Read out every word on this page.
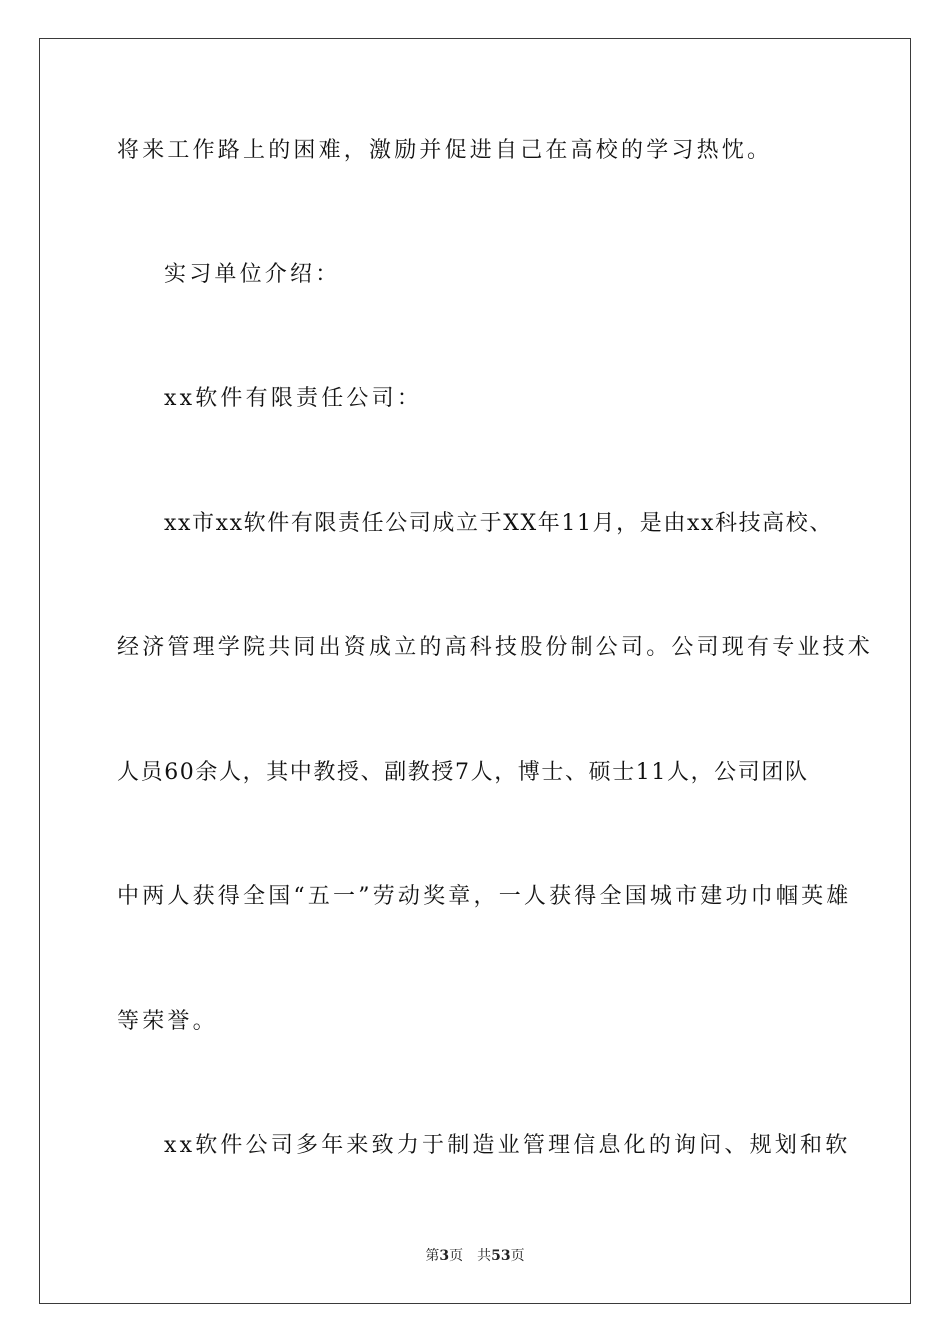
将来工作路上的困难，激励并促进自己在高校的学习热忱。
实习单位介绍：
xx软件有限责任公司：
xx市xx软件有限责任公司成立于XX年11月，是由xx科技高校、
经济管理学院共同出资成立的高科技股份制公司。公司现有专业技术
人员60余人，其中教授、副教授7人，博士、硕士11人，公司团队
中两人获得全国“五一”劳动奖章，一人获得全国城市建功巾帼英雄
等荣誉。
xx软件公司多年来致力于制造业管理信息化的询问、规划和软
第3页 共53页
